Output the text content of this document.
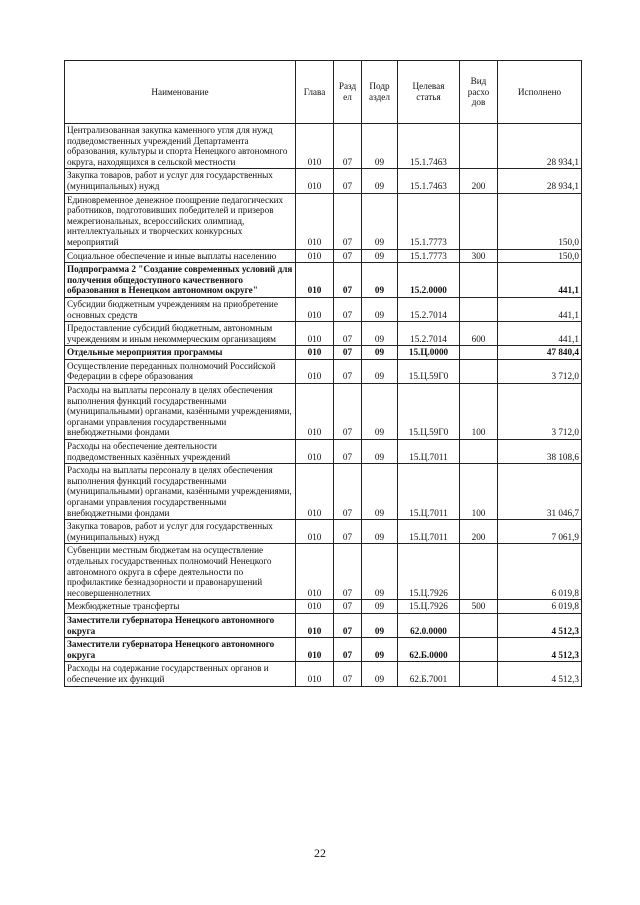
Наименование	Глава	Разд ел	Подр аздел	Целевая статья	Вид расхо дов	Исполнено
Централизованная закупка каменного угля для нужд подведомственных учреждений Департамента образования, культуры и спорта Ненецкого автономного округа, находящихся в сельской местности	010	07	09	15.1.7463		28 934,1
Закупка товаров, работ и услуг для государственных (муниципальных) нужд	010	07	09	15.1.7463	200	28 934,1
Единовременное денежное поощрение педагогических работников, подготовивших победителей и призеров межрегиональных, всероссийских олимпиад, интеллектуальных и творческих конкурсных мероприятий	010	07	09	15.1.7773		150,0
Социальное обеспечение и иные выплаты населению	010	07	09	15.1.7773	300	150,0
Подпрограмма 2 "Создание современных условий для получения общедоступного качественного образования в Ненецком автономном округе"	010	07	09	15.2.0000		441,1
Субсидии бюджетным учреждениям на приобретение основных средств	010	07	09	15.2.7014		441,1
Предоставление субсидий бюджетным, автономным учреждениям и иным некоммерческим организациям	010	07	09	15.2.7014	600	441,1
Отдельные мероприятия программы	010	07	09	15.Ц.0000		47 840,4
Осуществление переданных полномочий Российской Федерации в сфере образования	010	07	09	15.Ц.59Г0		3 712,0
Расходы на выплаты персоналу в целях обеспечения выполнения функций государственными (муниципальными) органами, казёнными учреждениями, органами управления государственными внебюджетными фондами	010	07	09	15.Ц.59Г0	100	3 712,0
Расходы на обеспечение деятельности подведомственных казённых учреждений	010	07	09	15.Ц.7011		38 108,6
Расходы на выплаты персоналу в целях обеспечения выполнения функций государственными (муниципальными) органами, казёнными учреждениями, органами управления государственными внебюджетными фондами	010	07	09	15.Ц.7011	100	31 046,7
Закупка товаров, работ и услуг для государственных (муниципальных) нужд	010	07	09	15.Ц.7011	200	7 061,9
Субвенции местным бюджетам на осуществление отдельных государственных полномочий Ненецкого автономного округа в сфере деятельности по профилактике безнадзорности и правонарушений несовершеннолетних	010	07	09	15.Ц.7926		6 019,8
Межбюджетные трансферты	010	07	09	15.Ц.7926	500	6 019,8
Заместители губернатора Ненецкого автономного округа	010	07	09	62.0.0000		4 512,3
Заместители губернатора Ненецкого автономного округа	010	07	09	62.Б.0000		4 512,3
Расходы на содержание государственных органов и обеспечение их функций	010	07	09	62.Б.7001		4 512,3
22
